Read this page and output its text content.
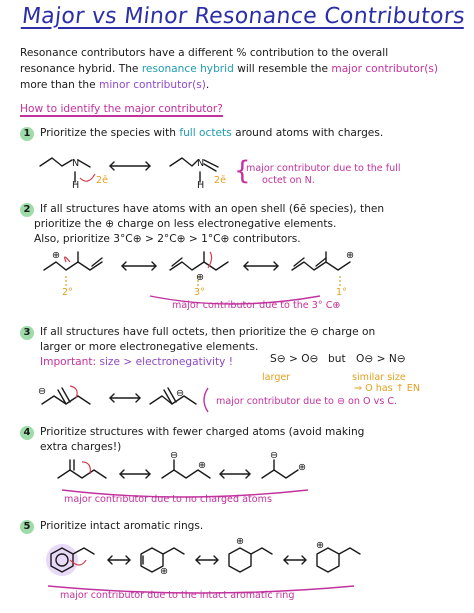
Major vs Minor Resonance Contributors
Resonance contributors have a different % contribution to the overall
resonance hybrid. The resonance hybrid will resemble the major contributor(s)
more than the minor contributor(s).
How to identify the major contributor?
1 Prioritize the species with full octets around atoms with charges.
N
H 2ē
N
H 2ē {
major contributor due to the full
octet on N.
2 If all structures have atoms with an open shell (6ē species), then
prioritize the ⊕ charge on less electronegative elements.
Also, prioritize 3°C⊕ > 2°C⊕ > 1°C⊕ contributors.
⊕
2°
⊕
3°
⊕
1°
major contributor due to the 3° C⊕
3 If all structures have full octets, then prioritize the ⊖ charge on
larger or more electronegative elements.
Important: size > electronegativity !	S⊖ > O⊖ but O⊖ > N⊖
larger	similar size
⇒ O has ↑ EN
⊖	⊖
major contributor due to ⊖ on O vs C.
4 Prioritize structures with fewer charged atoms (avoid making
extra charges!)
⊖
⊕
⊖
⊕
major contributor due to no charged atoms
5 Prioritize intact aromatic rings.
⊕
⊕	⊕
major contributor due to the intact aromatic ring
